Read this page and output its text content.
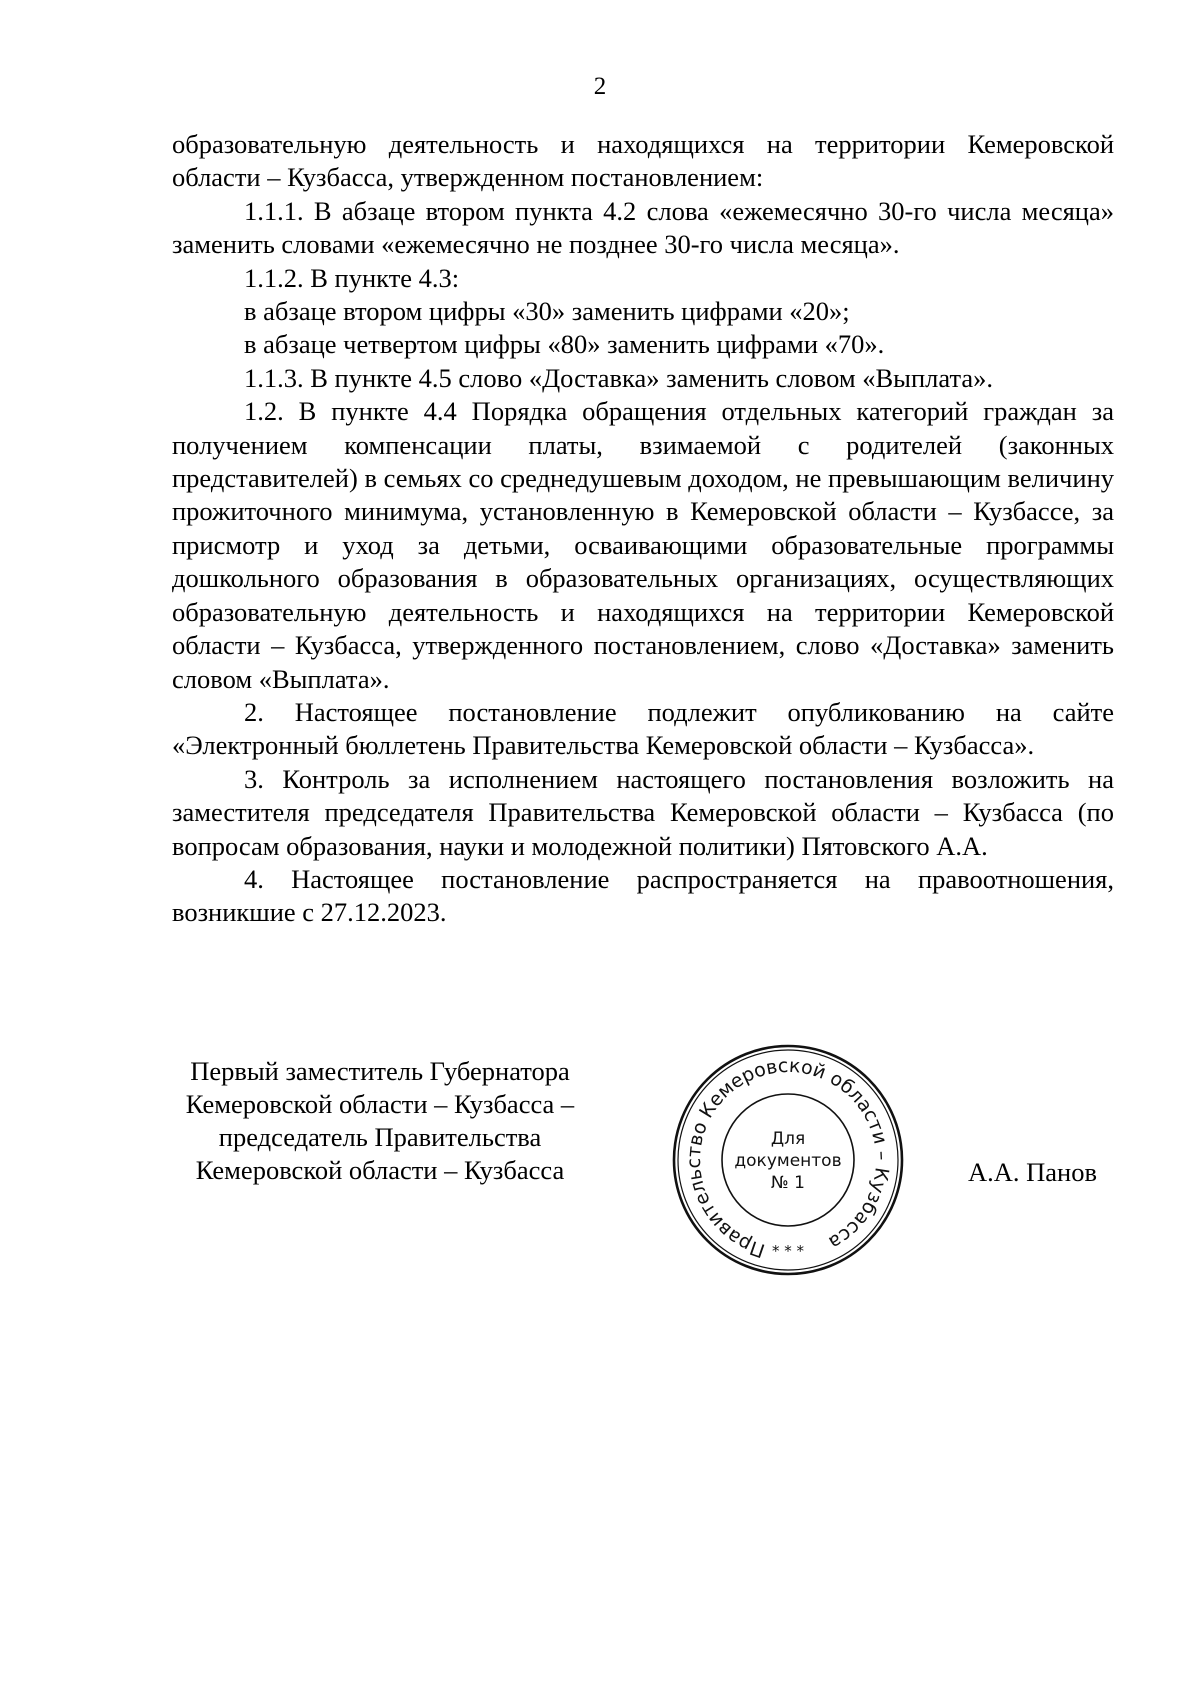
2

образовательную деятельность и находящихся на территории Кемеровской области – Кузбасса, утвержденном постановлением:

1.1.1. В абзаце втором пункта 4.2 слова «ежемесячно 30-го числа месяца» заменить словами «ежемесячно не позднее 30-го числа месяца».

1.1.2. В пункте 4.3:

в абзаце втором цифры «30» заменить цифрами «20»;

в абзаце четвертом цифры «80» заменить цифрами «70».

1.1.3. В пункте 4.5 слово «Доставка» заменить словом «Выплата».

1.2. В пункте 4.4 Порядка обращения отдельных категорий граждан за получением компенсации платы, взимаемой с родителей (законных представителей) в семьях со среднедушевым доходом, не превышающим величину прожиточного минимума, установленную в Кемеровской области – Кузбассе, за присмотр и уход за детьми, осваивающими образовательные программы дошкольного образования в образовательных организациях, осуществляющих образовательную деятельность и находящихся на территории Кемеровской области – Кузбасса, утвержденного постановлением, слово «Доставка» заменить словом «Выплата».

2. Настоящее постановление подлежит опубликованию на сайте «Электронный бюллетень Правительства Кемеровской области – Кузбасса».

3. Контроль за исполнением настоящего постановления возложить на заместителя председателя Правительства Кемеровской области – Кузбасса (по вопросам образования, науки и молодежной политики) Пятовского А.А.

4. Настоящее постановление распространяется на правоотношения, возникшие с 27.12.2023.

Первый заместитель Губернатора
Кемеровской области – Кузбасса –
председатель Правительства
Кемеровской области – Кузбасса
Правительство Кемеровской области – Кузбасса
Для
документов
№ 1
* * *
А.А. Панов
